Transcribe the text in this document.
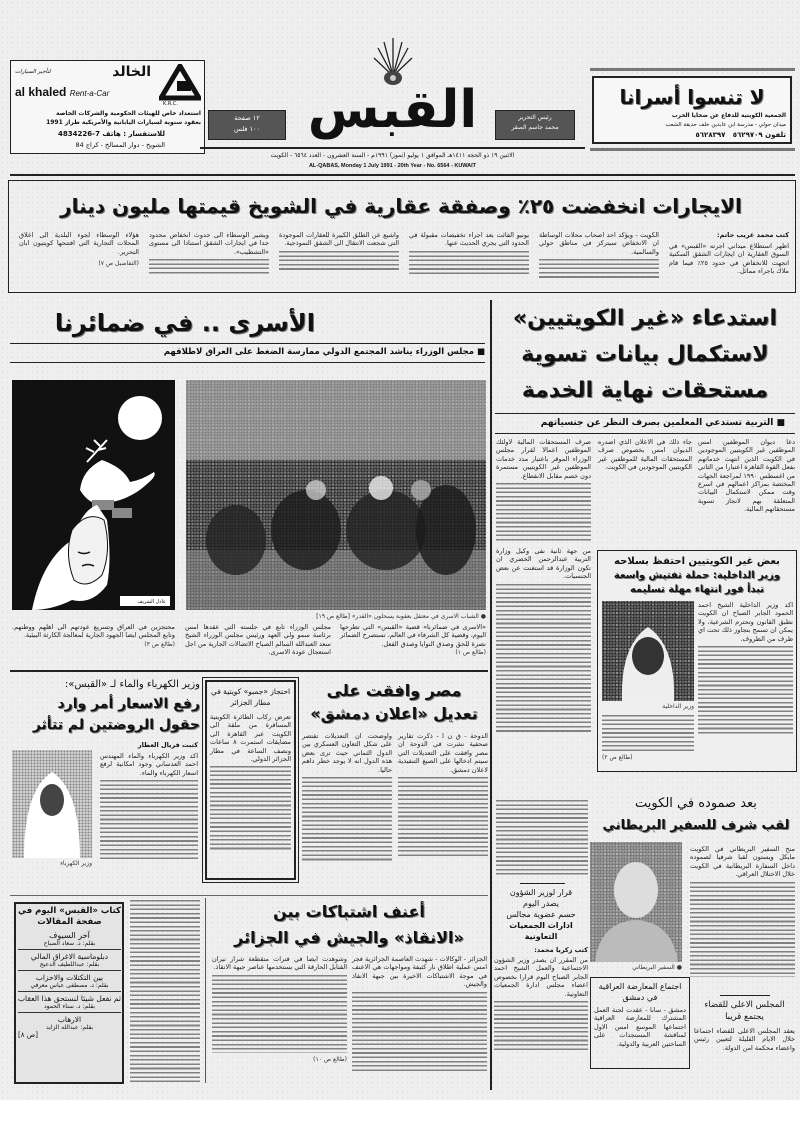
الخالد
لتأجير السيارات
al khaled Rent-a-Car
K.R.C.
استعداد خاص للهيئات الحكومية والشركات الخاصة
بعقود سنوية لسيارات اليابانية والأمريكية طراز 1991
للاستفسار : هاتف 7-4834226
الشويخ - دوار المسالخ - كراج 84
١٢ صفحة
١٠٠ فلس القبس	رئيس التحرير
محمد جاسم الصقر
الاثنين ١٩ ذو الحجة ١٤١١هـ الموافق ١ يوليو (تموز) ١٩٩١م - السنة العشرون - العدد ٦٥٦٤ - الكويت
AL-QABAS, Monday 1 July 1991 - 20th Year - No. 6564 - KUWAIT
لا تنسوا أسرانا
الجمعية الكويتية للدفاع عن ضحايا الحرب
ميدان حولي - مدرسة ابن عابدين خلف حديقة الشعب
تلفون ٥٦٢٩٧٠٩   ٥٦٢٨٣٩٧
الايجارات انخفضت ٢٥٪ وصفقة عقارية في الشويخ قيمتها مليون دينار
كتب محمد غريب حاتم:
اظهر استطلاع ميداني اجرته «القبس» في السوق العقارية ان ايجارات الشقق السكنية اتجهت للانخفاض في حدود ٢٥٪ فيما قام ملاك باجراء مماثل.
الكويت - ويؤكد احد اصحاب محلات الوساطة ان الانخفاض سيتركز في مناطق حولي والسالمية.
يونيو الفائت بعد اجراء تخفيضات مقبولة في الحدود التي يجري الحديث عنها.
واشيع عن الطلق الكبيرة للعقارات الموجودة التي شجعت الانتقال الى الشقق النموذجية.
ويشير الوسطاء الى حدوث انخفاض محدود جدا في ايجارات الشقق استنادا الى مستوى «التشطيب».
هؤلاء الوسطاء لجوء البلدية الى اغلاق المحلات التجارية التي افتتحها كويتيون ابان التحرير.
(التفاصيل ص ٧)
الأسرى .. في ضمائرنا
■ مجلس الوزراء يناشد المجتمع الدولي ممارسة الضغط على العراق لاطلاقهم
عادل الشريف
● الشباب الاسرى في معتقل بعقوبة يسحلون «القدر» [طالع ص ١٩]
«الاسرى في ضمائرنا» قضية «القبس» التي تطرحها اليوم، وقضية كل الشرفاء في العالم، تستصرخ الضمائر نصرة للحق وصدق النوايا وصدق الفعل.
(طالع ص ١)
مجلس الوزراء تابع في جلسته التي عقدها امس برئاسة سمو ولي العهد ورئيس مجلس الوزراء الشيخ سعد العبدالله السالم الصباح الاتصالات الجارية من اجل استعجال عودة الاسرى.
محتجزين في العراق وتسريع عودتهم الى اهلهم ووطنهم. وتابع المجلس ايضا الجهود الجارية لمعالجة الكارثة البيئية.
(طالع ص ٣)
استدعاء «غير الكويتيين»
لاستكمال بيانات تسوية
مستحقات نهاية الخدمة
■ التربية تستدعي المعلمين بصرف النظر عن جنسياتهم
دعا ديوان الموظفين امس الموظفين غير الكويتيين الموجودين في الكويت الذين انتهت خدماتهم بفعل القوة القاهرة اعتبارا من الثاني من اغسطس ١٩٩٠ لمراجعة الجهات المختصة بمراكز اعمالهم في اسرع وقت ممكن لاستكمال البيانات المتعلقة بهم لانجاز تسوية مستحقاتهم المالية.
جاء ذلك في الاعلان الذي اصدره الديوان امس بخصوص صرف المستحقات المالية للموظفين غير الكويتيين الموجودين في الكويت.
صرف المستحقات المالية لاولئك الموظفين اعمالا لقرار مجلس الوزراء الموقر باعتبار مدد خدمات الموظفين غير الكويتيين مستمرة دون خصم مقابل الانقطاع.
من جهة ثانية نفى وكيل وزارة التربية عبدالرحمن الخضري ان تكون الوزارة قد استغنت عن بعض الجنسيات.
بعض غير الكويتيين احتفظ بسلاحه
وزير الداخلية: حملة تفتيش واسعة
تبدأ فور انتهاء مهلة تسليمه
وزير الداخلية
اكد وزير الداخلية الشيخ احمد الحمود الجابر الصباح ان الكويت تطبق القانون وتحترم الشرعية، ولا يمكن ان تسمح بتجاوز ذلك تحت اي ظرف من الظروف.
(طالع ص ٢)
بعد صموده في الكويت
لقب شرف للسفير البريطاني
● السفير البريطاني
منح السفير البريطاني في الكويت مايكل ويستون لقبا شرفيا لصموده داخل السفارة البريطانية في الكويت خلال الاحتلال العراقي.
قرار لوزير الشؤون
يصدر اليوم
حسم عضوية مجالس
ادارات الجمعيات التعاونية
كتب زكريا محمد:
من المقرر ان يصدر وزير الشؤون الاجتماعية والعمل الشيخ احمد الجابر الصباح اليوم قرارا بخصوص اعضاء مجلس ادارة الجمعيات التعاونية.
اجتماع المعارضة العراقية في دمشق
دمشق - سانا - عقدت لجنة العمل المشترك للمعارضة العراقية اجتماعها الموسع امس الاول لمناقشة المستجدات على الساحتين العربية والدولية.
المجلس الاعلى للقضاء يجتمع قريبا
يعقد المجلس الاعلى للقضاء اجتماعا خلال الايام القليلة لتعيين رئيس واعضاء محكمة امن الدولة.
مصر وافقت على
تعديل «اعلان دمشق»
الدوحة - ق ن ا - ذكرت تقارير صحفية نشرت في الدوحة ان مصر وافقت على التعديلات التي سيتم ادخالها على الصيغ التنفيذية لاعلان دمشق.
واوضحت ان التعديلات تقتصر على شكل التعاون العسكري بين الدول الثماني حيث ترى بعض هذه الدول انه لا يوجد خطر داهم حاليا.
احتجاز «جمبو» كويتية في مطار الجزائر
تعرض ركاب الطائرة الكويتية المسافرة من ملقة الى الكويت عبر القاهرة الى مضايقات استمرت ٨ ساعات ونصف الساعة في مطار الجزائر الدولي.
وزير الكهرباء والماء لـ «القبس»:
رفع الاسعار أمر وارد
حقول الروضتين لم تتأثر
وزير الكهرباء
كتبت فريال العطار
اكد وزير الكهرباء والماء المهندس احمد العدساني وجود امكانية لرفع اسعار الكهرباء والماء.
كتاب «القبس» اليوم في صفحة المقالات
آخر السيوف
بقلم: د. سعاد الصباح
دبلوماسية الاغراق المالي
بقلم: عبداللطيف الدعيج
بين التكتلات والاحزاب
بقلم: د. مصطفى عباس معرفي
ثم نفعل شيئا لنستحق هذا العقاب
بقلم: د. سناء الحمود
الارهاب
بقلم: عبدالله الزايد
[ص ٨]
أعنف اشتباكات بين
«الانقاذ» والجيش في الجزائر
الجزائر - الوكالات - شهدت العاصمة الجزائرية فجر امس عملية اطلاق نار كثيفة ومواجهات هي الاعنف في موجة الاشتباكات الاخيرة بين جبهة الانقاذ والجيش.
وشوهدت ايضا في فترات متقطعة شرار نيران القنابل الحارقة التي يستخدمها عناصر جبهة الانقاذ.
(طالع ص ١٠)
